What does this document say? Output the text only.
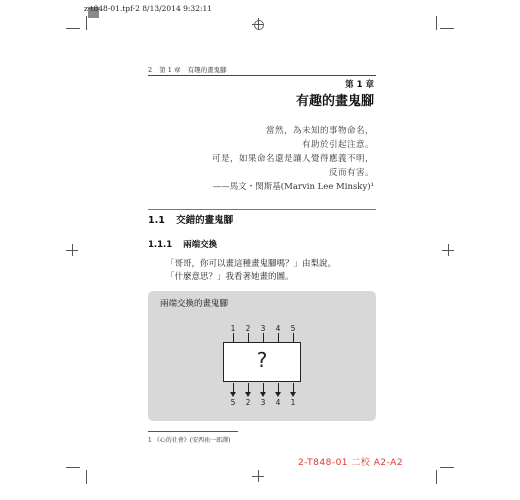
z-t848-01.tpf-2 8/13/2014 9:32:11
2 第 1 章 有趣的畫鬼腳
第 1 章
有趣的畫鬼腳
當然，為未知的事物命名，
有助於引起注意。
可是，如果命名還是讓人覺得應義不明，
反而有害。
——馬文・閔斯基(Marvin Lee Minsky)¹
1.1 交錯的畫鬼腳
1.1.1 兩端交換
「哥哥，你可以畫這種畫鬼腳嗎？」由梨說。
「什麼意思？」我看著她畫的圖。
兩端交換的畫鬼腳
1	2	3	4	5
?
5	2	3	4	1
1 《心的社會》(安西祐一郎譯)
2-T848-01 二校 A2-A2
